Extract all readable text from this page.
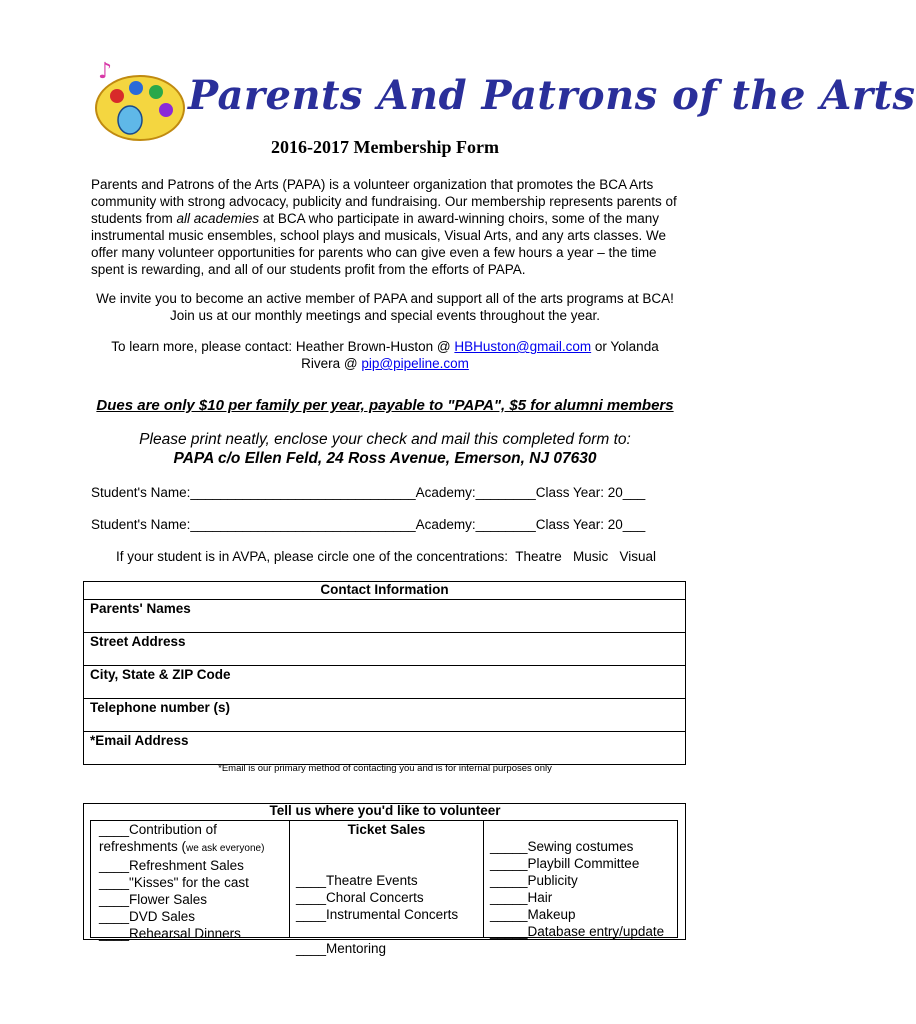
♪
Parents And Patrons of the Arts
2016-2017 Membership Form
Parents and Patrons of the Arts (PAPA) is a volunteer organization that promotes the BCA Arts community with strong advocacy, publicity and fundraising. Our membership represents parents of students from all academies at BCA who participate in award-winning choirs, some of the many instrumental music ensembles, school plays and musicals, Visual Arts, and any arts classes. We offer many volunteer opportunities for parents who can give even a few hours a year – the time spent is rewarding, and all of our students profit from the efforts of PAPA.
We invite you to become an active member of PAPA and support all of the arts programs at BCA!
Join us at our monthly meetings and special events throughout the year.
To learn more, please contact: Heather Brown-Huston @ HBHuston@gmail.com or Yolanda
Rivera @ pip@pipeline.com
Dues are only $10 per family per year, payable to "PAPA", $5 for alumni members
Please print neatly, enclose your check and mail this completed form to:
PAPA c/o Ellen Feld, 24 Ross Avenue, Emerson, NJ 07630
Student's Name:______________________________Academy:________Class Year: 20___
Student's Name:______________________________Academy:________Class Year: 20___
If your student is in AVPA, please circle one of the concentrations:  Theatre   Music   Visual
Contact Information
Parents' Names
Street Address
City, State & ZIP Code
Telephone number (s)
*Email Address
*Email is our primary method of contacting you and is for internal purposes only
Tell us where you'd like to volunteer
____Contribution of
refreshments (we ask everyone)
____Refreshment Sales
____"Kisses" for the cast
____Flower Sales
____DVD Sales
____Rehearsal Dinners
Ticket Sales

____Theatre Events
____Choral Concerts
____Instrumental Concerts

____Mentoring

_____Sewing costumes
_____Playbill Committee
_____Publicity
_____Hair
_____Makeup
_____Database entry/update
